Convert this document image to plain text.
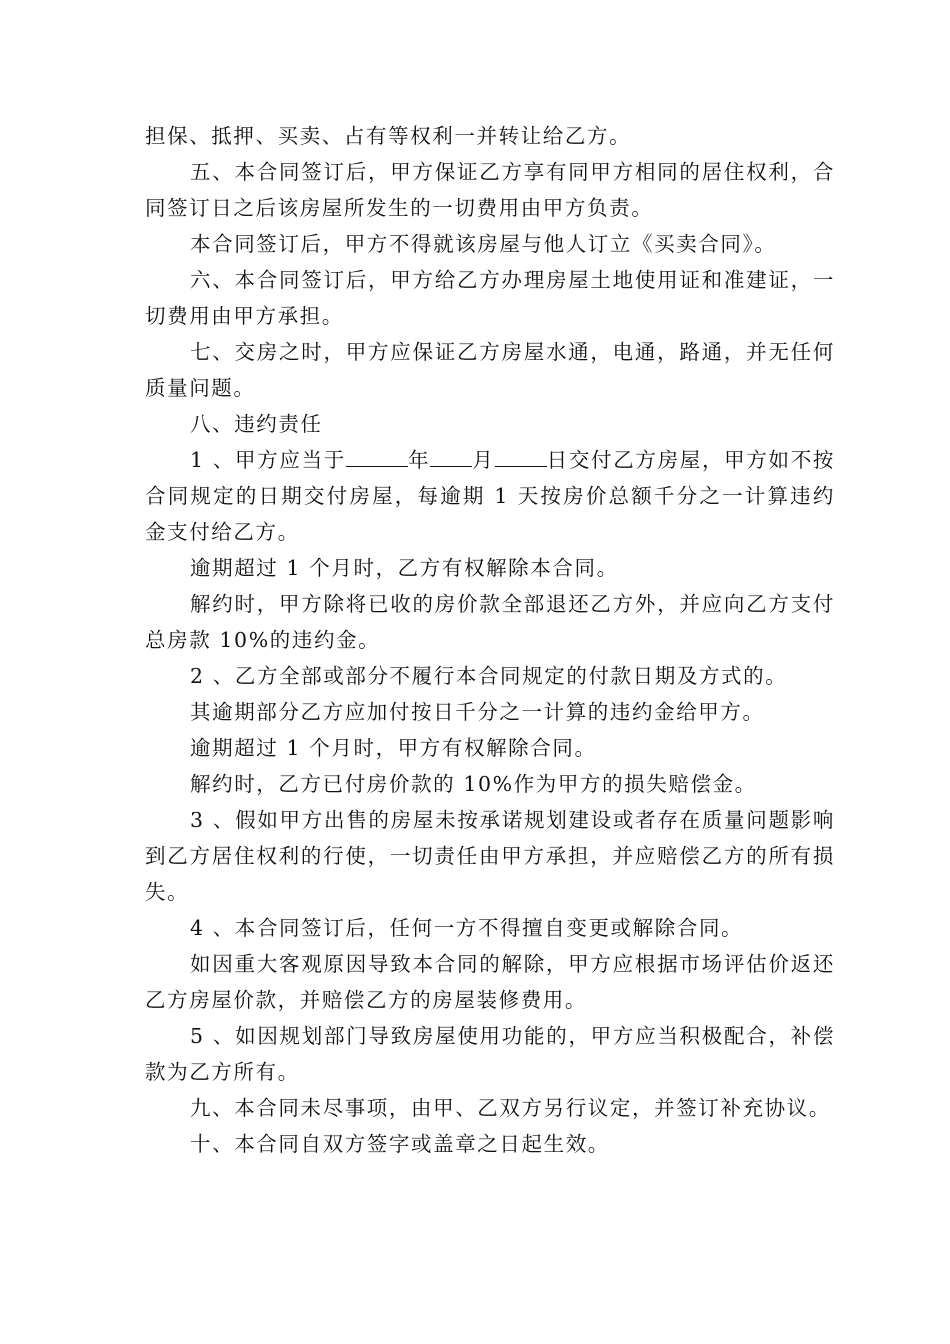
担保、抵押、买卖、占有等权利一并转让给乙方。

五、本合同签订后，甲方保证乙方享有同甲方相同的居住权利，合同签订日之后该房屋所发生的一切费用由甲方负责。

本合同签订后，甲方不得就该房屋与他人订立《买卖合同》。

六、本合同签订后，甲方给乙方办理房屋土地使用证和准建证，一切费用由甲方承担。

七、交房之时，甲方应保证乙方房屋水通，电通，路通，并无任何质量问题。

八、违约责任

1 、甲方应当于	年 月	日交付乙方房屋，甲方如不按合同规定的日期交付房屋，每逾期 1 天按房价总额千分之一计算违约金支付给乙方。

逾期超过 1 个月时，乙方有权解除本合同。

解约时，甲方除将已收的房价款全部退还乙方外，并应向乙方支付总房款 10%的违约金。

2 、乙方全部或部分不履行本合同规定的付款日期及方式的。

其逾期部分乙方应加付按日千分之一计算的违约金给甲方。

逾期超过 1 个月时，甲方有权解除合同。

解约时，乙方已付房价款的 10%作为甲方的损失赔偿金。

3 、假如甲方出售的房屋未按承诺规划建设或者存在质量问题影响到乙方居住权利的行使，一切责任由甲方承担，并应赔偿乙方的所有损失。

4 、本合同签订后，任何一方不得擅自变更或解除合同。

如因重大客观原因导致本合同的解除，甲方应根据市场评估价返还乙方房屋价款，并赔偿乙方的房屋装修费用。

5 、如因规划部门导致房屋使用功能的，甲方应当积极配合，补偿款为乙方所有。

九、本合同未尽事项，由甲、乙双方另行议定，并签订补充协议。

十、本合同自双方签字或盖章之日起生效。
